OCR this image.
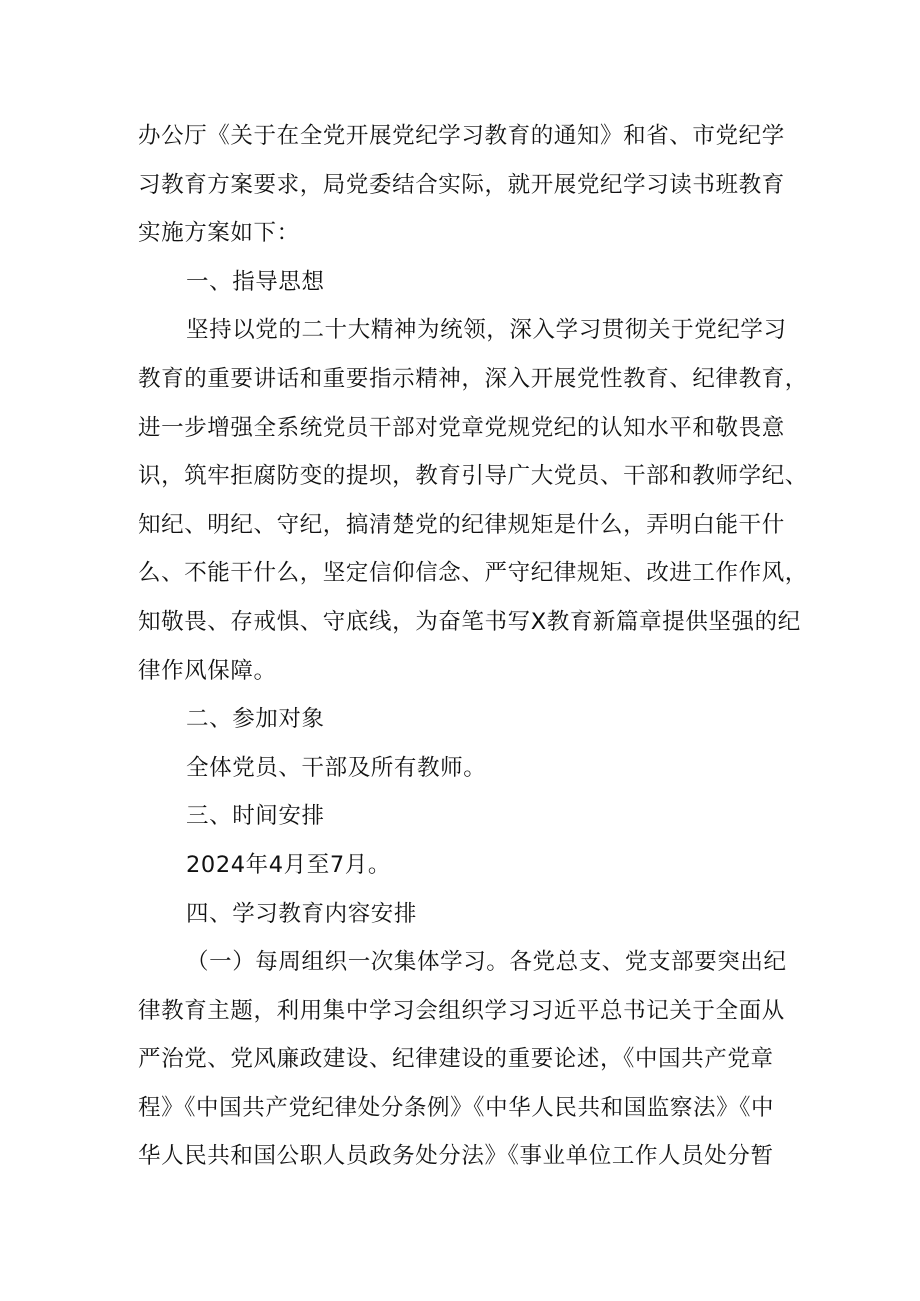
办公厅《关于在全党开展党纪学习教育的通知》和省、市党纪学
习教育方案要求，局党委结合实际，就开展党纪学习读书班教育
实施方案如下：
一、指导思想
坚持以党的二十大精神为统领，深入学习贯彻关于党纪学习
教育的重要讲话和重要指示精神，深入开展党性教育、纪律教育，
进一步增强全系统党员干部对党章党规党纪的认知水平和敬畏意
识，筑牢拒腐防变的提坝，教育引导广大党员、干部和教师学纪、
知纪、明纪、守纪，搞清楚党的纪律规矩是什么，弄明白能干什
么、不能干什么，坚定信仰信念、严守纪律规矩、改进工作作风，
知敬畏、存戒惧、守底线，为奋笔书写X教育新篇章提供坚强的纪
律作风保障。
二、参加对象
全体党员、干部及所有教师。
三、时间安排
2024年4月至7月。
四、学习教育内容安排
（一）每周组织一次集体学习。各党总支、党支部要突出纪
律教育主题，利用集中学习会组织学习习近平总书记关于全面从
严治党、党风廉政建设、纪律建设的重要论述，《中国共产党章
程》《中国共产党纪律处分条例》《中华人民共和国监察法》《中
华人民共和国公职人员政务处分法》《事业单位工作人员处分暂
